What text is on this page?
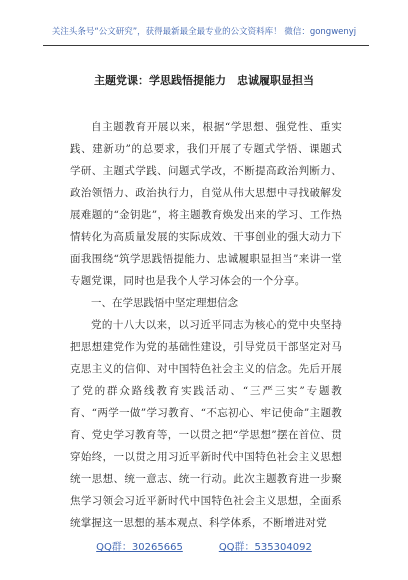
关注头条号“公文研究”，获得最新最全最专业的公文资料库！ 微信：gongwenyj
主题党课：学思践悟提能力　忠诚履职显担当

自主题教育开展以来，根据“学思想、强党性、重实践、建新功”的总要求，我们开展了专题式学悟、课题式学研、主题式学践、问题式学改，不断提高政治判断力、政治领悟力、政治执行力，自觉从伟大思想中寻找破解发展难题的“金钥匙”，将主题教育焕发出来的学习、工作热情转化为高质量发展的实际成效、干事创业的强大动力下面我围绕“筑学思践悟提能力、忠诚履职显担当”来讲一堂专题党课，同时也是我个人学习体会的一个分享。

一、在学思践悟中坚定理想信念

党的十八大以来，以习近平同志为核心的党中央坚持把思想建党作为党的基础性建设，引导党员干部坚定对马克思主义的信仰、对中国特色社会主义的信念。先后开展了党的群众路线教育实践活动、“三严三实”专题教育、“两学一做”学习教育、“不忘初心、牢记使命”主题教育、党史学习教育等，一以贯之把“学思想”摆在首位、贯穿始终，一以贯之用习近平新时代中国特色社会主义思想统一思想、统一意志、统一行动。此次主题教育进一步聚焦学习领会习近平新时代中国特色社会主义思想，全面系统掌握这一思想的基本观点、科学体系，不断增进对党

QQ群：30265665	QQ群：535304092
